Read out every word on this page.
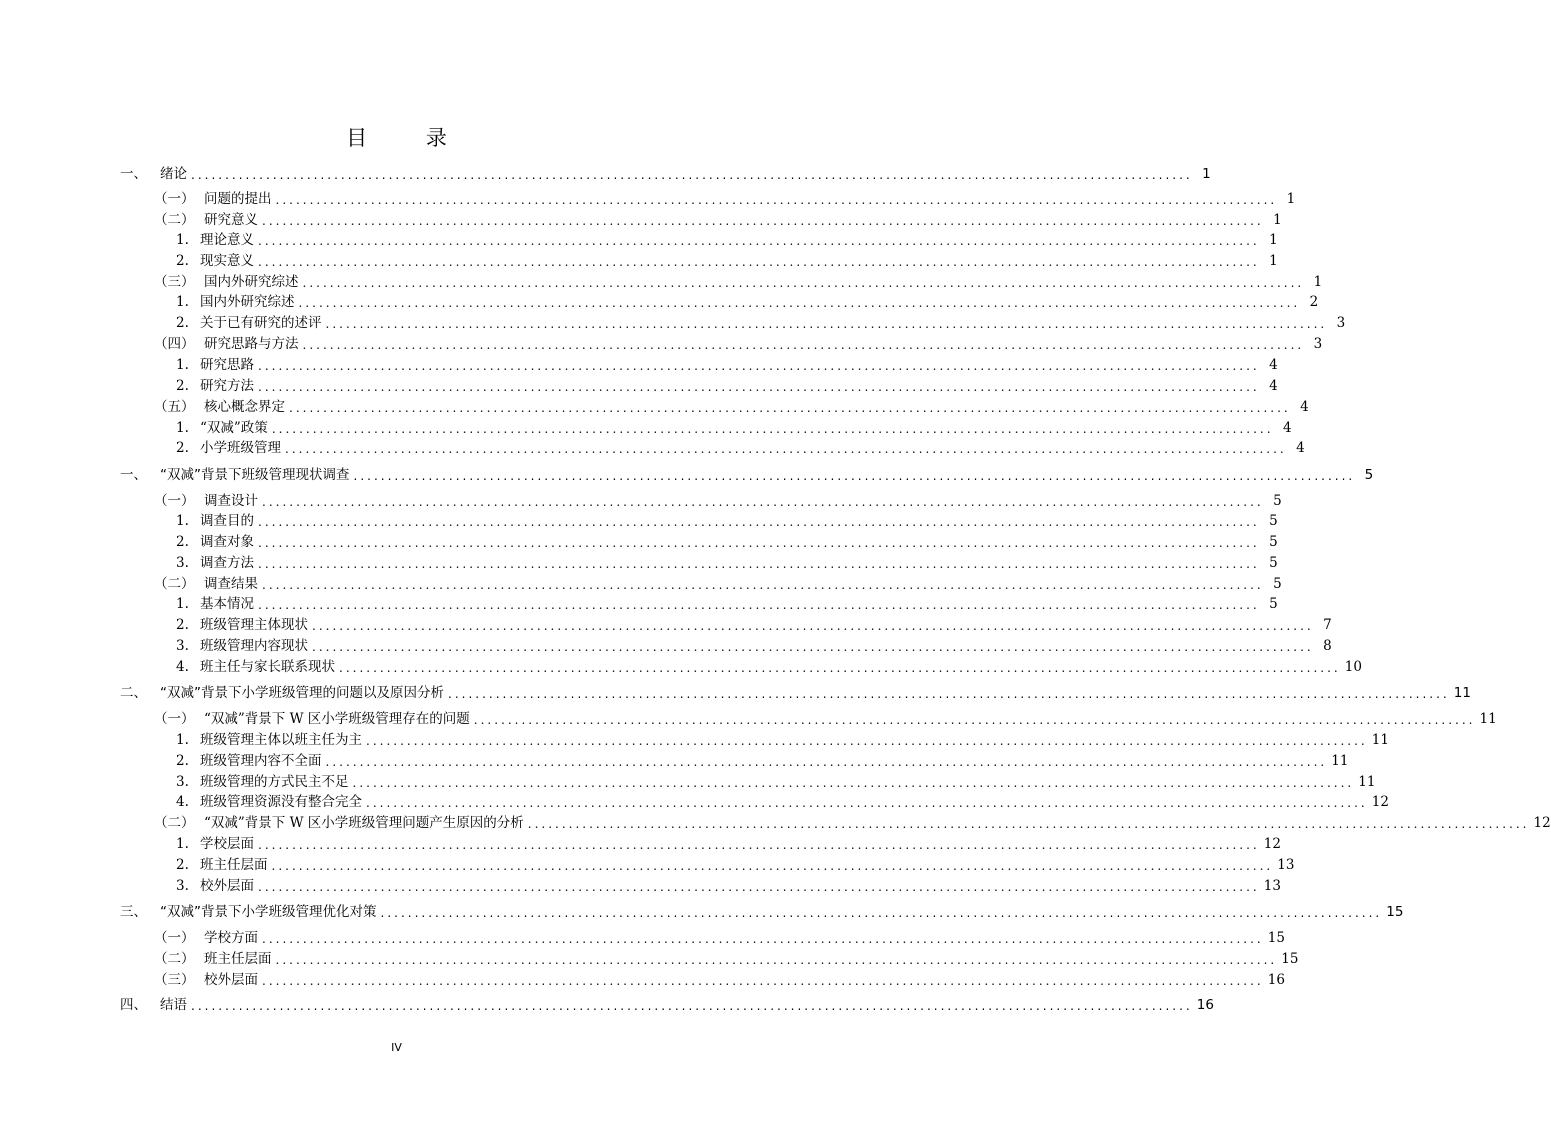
目 录
一、 绪论 ................................................................................................................................................... 1
（一） 问题的提出 ................................................................................................................................................... 1
（二） 研究意义 ................................................................................................................................................... 1
1. 理论意义 ................................................................................................................................................... 1
2. 现实意义 ................................................................................................................................................... 1
（三） 国内外研究综述 ................................................................................................................................................... 1
1. 国内外研究综述 ................................................................................................................................................... 2
2. 关于已有研究的述评 ................................................................................................................................................... 3
（四） 研究思路与方法 ................................................................................................................................................... 3
1. 研究思路 ................................................................................................................................................... 4
2. 研究方法 ................................................................................................................................................... 4
（五） 核心概念界定 ................................................................................................................................................... 4
1. “双减”政策 ................................................................................................................................................... 4
2. 小学班级管理 ................................................................................................................................................... 4
一、 “双减”背景下班级管理现状调查 ................................................................................................................................................... 5
（一） 调查设计 ................................................................................................................................................... 5
1. 调查目的 ................................................................................................................................................... 5
2. 调查对象 ................................................................................................................................................... 5
3. 调查方法 ................................................................................................................................................... 5
（二） 调查结果 ................................................................................................................................................... 5
1. 基本情况 ................................................................................................................................................... 5
2. 班级管理主体现状 ................................................................................................................................................... 7
3. 班级管理内容现状 ................................................................................................................................................... 8
4. 班主任与家长联系现状 ................................................................................................................................................... 10
二、 “双减”背景下小学班级管理的问题以及原因分析 ................................................................................................................................................... 11
（一） “双减”背景下 W 区小学班级管理存在的问题 ................................................................................................................................................... 11
1. 班级管理主体以班主任为主 ................................................................................................................................................... 11
2. 班级管理内容不全面 ................................................................................................................................................... 11
3. 班级管理的方式民主不足 ................................................................................................................................................... 11
4. 班级管理资源没有整合完全 ................................................................................................................................................... 12
（二） “双减”背景下 W 区小学班级管理问题产生原因的分析 ................................................................................................................................................... 12
1. 学校层面 ................................................................................................................................................... 12
2. 班主任层面 ................................................................................................................................................... 13
3. 校外层面 ................................................................................................................................................... 13
三、 “双减”背景下小学班级管理优化对策 ................................................................................................................................................... 15
（一） 学校方面 ................................................................................................................................................... 15
（二） 班主任层面 ................................................................................................................................................... 15
（三） 校外层面 ................................................................................................................................................... 16
四、 结语 ................................................................................................................................................... 16
IV
